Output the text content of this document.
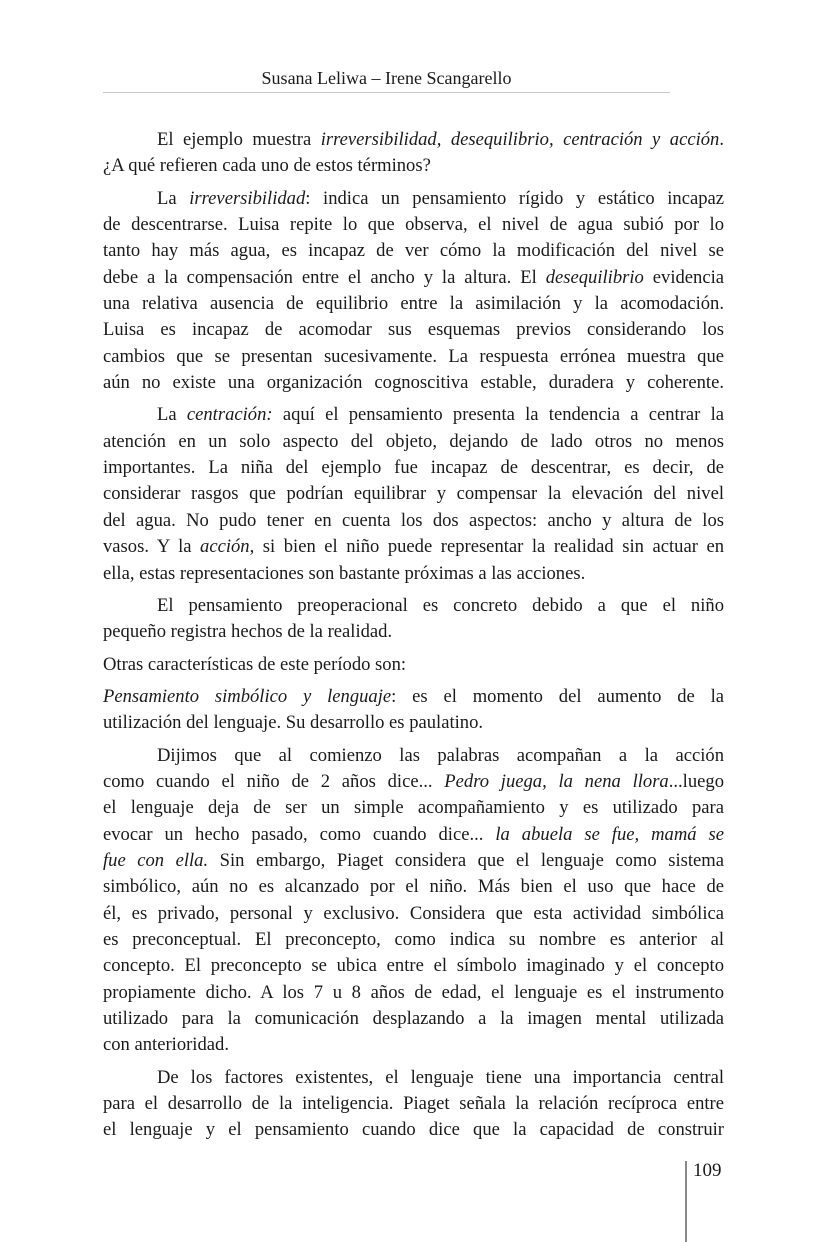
Susana Leliwa – Irene Scangarello
El ejemplo muestra irreversibilidad, desequilibrio, centración y acción.
¿A qué refieren cada uno de estos términos?
La irreversibilidad: indica un pensamiento rígido y estático incapaz
de descentrarse. Luisa repite lo que observa, el nivel de agua subió por lo
tanto hay más agua, es incapaz de ver cómo la modificación del nivel se
debe a la compensación entre el ancho y la altura. El desequilibrio evidencia
una relativa ausencia de equilibrio entre la asimilación y la acomodación.
Luisa es incapaz de acomodar sus esquemas previos considerando los
cambios que se presentan sucesivamente. La respuesta errónea muestra que
aún no existe una organización cognoscitiva estable, duradera y coherente.
La centración: aquí el pensamiento presenta la tendencia a centrar la
atención en un solo aspecto del objeto, dejando de lado otros no menos
importantes. La niña del ejemplo fue incapaz de descentrar, es decir, de
considerar rasgos que podrían equilibrar y compensar la elevación del nivel
del agua. No pudo tener en cuenta los dos aspectos: ancho y altura de los
vasos. Y la acción, si bien el niño puede representar la realidad sin actuar en
ella, estas representaciones son bastante próximas a las acciones.
El pensamiento preoperacional es concreto debido a que el niño
pequeño registra hechos de la realidad.
Otras características de este período son:
Pensamiento simbólico y lenguaje: es el momento del aumento de la
utilización del lenguaje. Su desarrollo es paulatino.
Dijimos que al comienzo las palabras acompañan a la acción
como cuando el niño de 2 años dice... Pedro juega, la nena llora...luego
el lenguaje deja de ser un simple acompañamiento y es utilizado para
evocar un hecho pasado, como cuando dice... la abuela se fue, mamá se
fue con ella. Sin embargo, Piaget considera que el lenguaje como sistema
simbólico, aún no es alcanzado por el niño. Más bien el uso que hace de
él, es privado, personal y exclusivo. Considera que esta actividad simbólica
es preconceptual. El preconcepto, como indica su nombre es anterior al
concepto. El preconcepto se ubica entre el símbolo imaginado y el concepto
propiamente dicho. A los 7 u 8 años de edad, el lenguaje es el instrumento
utilizado para la comunicación desplazando a la imagen mental utilizada
con anterioridad.
De los factores existentes, el lenguaje tiene una importancia central
para el desarrollo de la inteligencia. Piaget señala la relación recíproca entre
el lenguaje y el pensamiento cuando dice que la capacidad de construir
109
